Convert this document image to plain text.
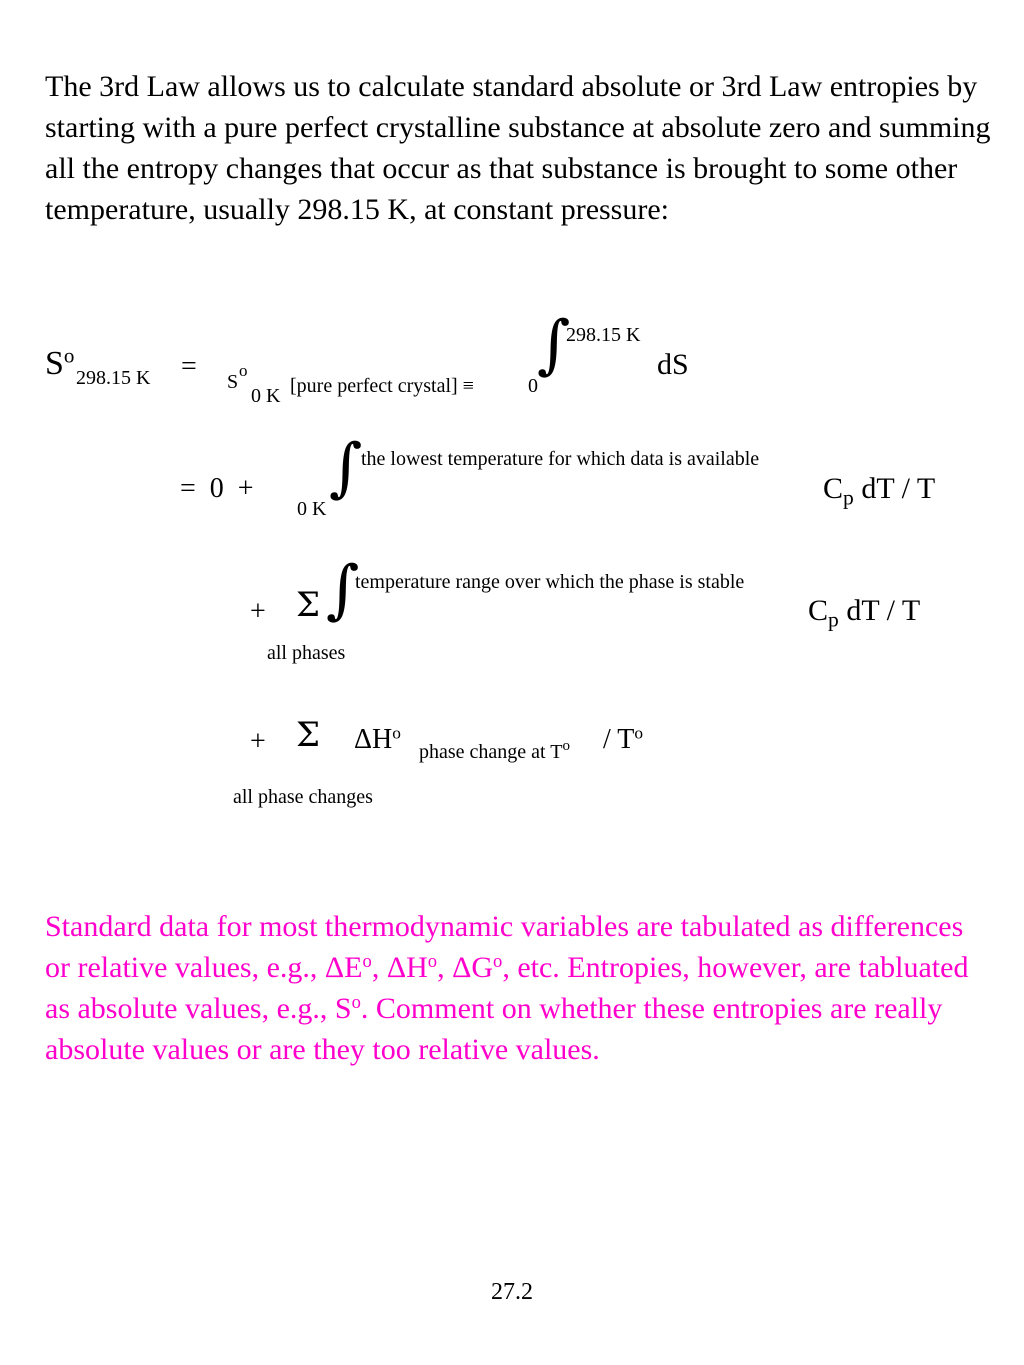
The 3rd Law allows us to calculate standard absolute or 3rd Law entropies by starting with a pure perfect crystalline substance at absolute zero and summing all the entropy changes that occur as that substance is brought to some other temperature, usually 298.15 K, at constant pressure:

$S^o$
298.15 K = S
o
0 K [pure perfect crystal] ≡	0
∫
298.15 K
dS
=  0  +
0 K
∫
the lowest temperature for which data is available
$C_p$ dT / T
+ Σ ∫
temperature range over which the phase is stable
$C_p$ dT / T
all phases
+ Σ $\Delta H^o$
phase change at $T^o / T^o$
all phase changes

Standard data for most thermodynamic variables are tabulated as differences or relative values, e.g., $\Delta E^o$, $\Delta H^o$, $\Delta G^o$, etc. Entropies, however, are tabluated as absolute values, e.g., $S^o$. Comment on whether these entropies are really absolute values or are they too relative values.

27.2
